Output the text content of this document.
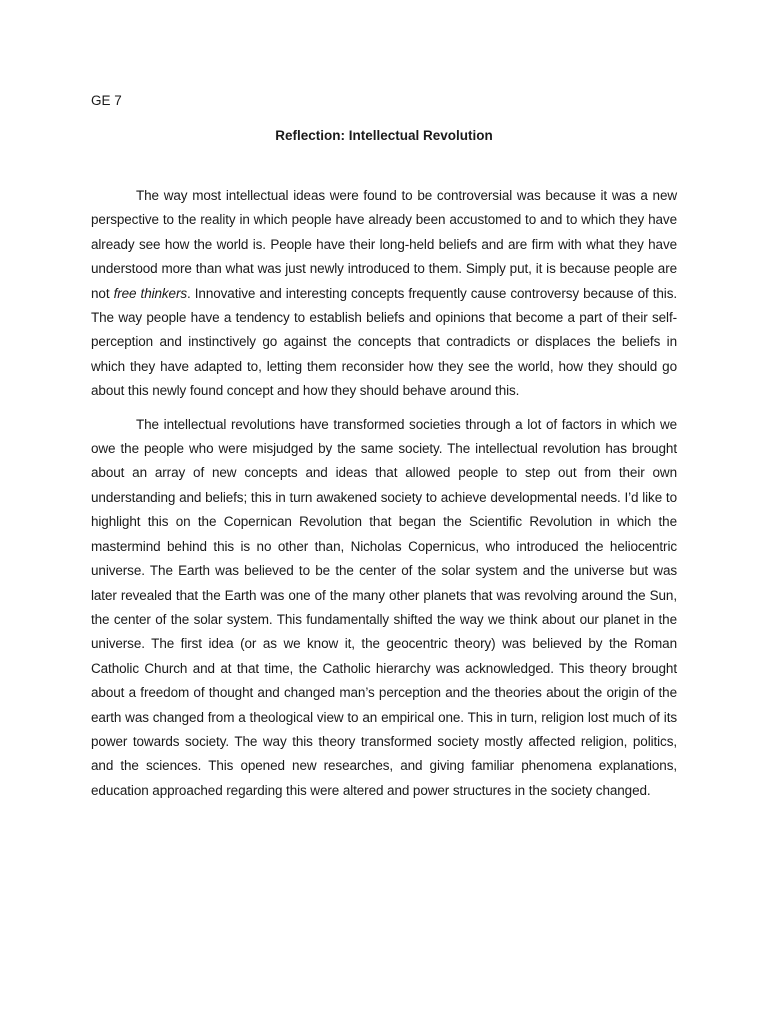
GE 7

Reflection: Intellectual Revolution

The way most intellectual ideas were found to be controversial was because it was a new perspective to the reality in which people have already been accustomed to and to which they have already see how the world is. People have their long-held beliefs and are firm with what they have understood more than what was just newly introduced to them. Simply put, it is because people are not free thinkers. Innovative and interesting concepts frequently cause controversy because of this. The way people have a tendency to establish beliefs and opinions that become a part of their self-perception and instinctively go against the concepts that contradicts or displaces the beliefs in which they have adapted to, letting them reconsider how they see the world, how they should go about this newly found concept and how they should behave around this.

The intellectual revolutions have transformed societies through a lot of factors in which we owe the people who were misjudged by the same society. The intellectual revolution has brought about an array of new concepts and ideas that allowed people to step out from their own understanding and beliefs; this in turn awakened society to achieve developmental needs. I’d like to highlight this on the Copernican Revolution that began the Scientific Revolution in which the mastermind behind this is no other than, Nicholas Copernicus, who introduced the heliocentric universe. The Earth was believed to be the center of the solar system and the universe but was later revealed that the Earth was one of the many other planets that was revolving around the Sun, the center of the solar system. This fundamentally shifted the way we think about our planet in the universe. The first idea (or as we know it, the geocentric theory) was believed by the Roman Catholic Church and at that time, the Catholic hierarchy was acknowledged. This theory brought about a freedom of thought and changed man’s perception and the theories about the origin of the earth was changed from a theological view to an empirical one. This in turn, religion lost much of its power towards society. The way this theory transformed society mostly affected religion, politics, and the sciences. This opened new researches, and giving familiar phenomena explanations, education approached regarding this were altered and power structures in the society changed.
